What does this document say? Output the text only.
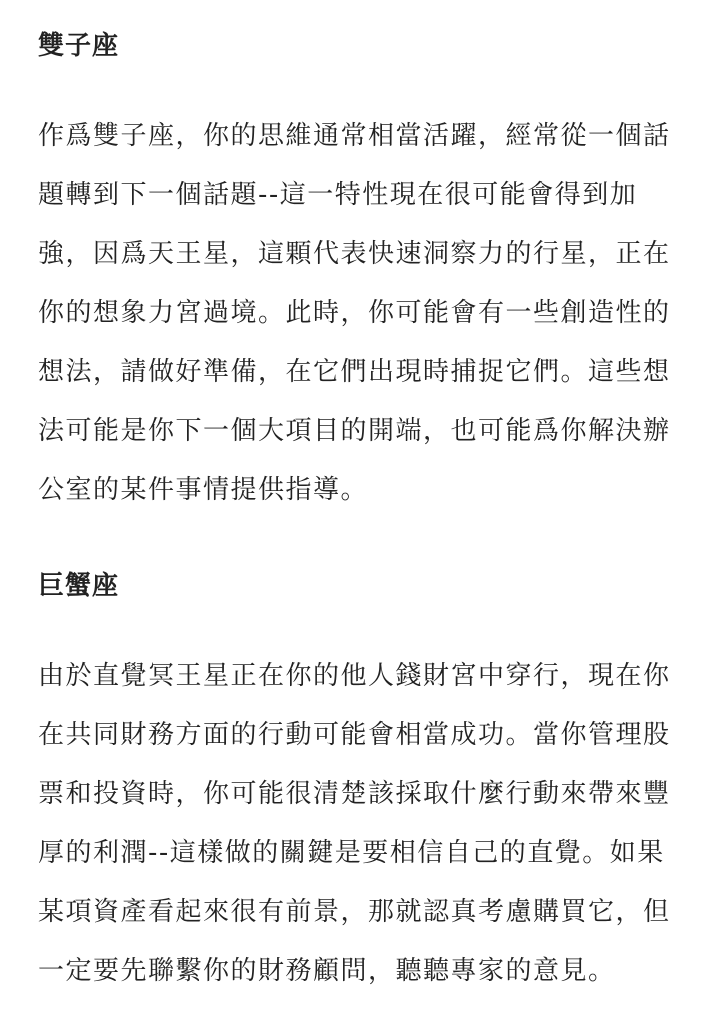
雙子座

作爲雙子座，你的思維通常相當活躍，經常從一個話題轉到下一個話題--這一特性現在很可能會得到加強，因爲天王星，這顆代表快速洞察力的行星，正在你的想象力宮過境。此時，你可能會有一些創造性的想法，請做好準備，在它們出現時捕捉它們。這些想法可能是你下一個大項目的開端，也可能爲你解決辦公室的某件事情提供指導。

巨蟹座

由於直覺冥王星正在你的他人錢財宮中穿行，現在你在共同財務方面的行動可能會相當成功。當你管理股票和投資時，你可能很清楚該採取什麼行動來帶來豐厚的利潤--這樣做的關鍵是要相信自己的直覺。如果某項資產看起來很有前景，那就認真考慮購買它，但一定要先聯繫你的財務顧問，聽聽專家的意見。
